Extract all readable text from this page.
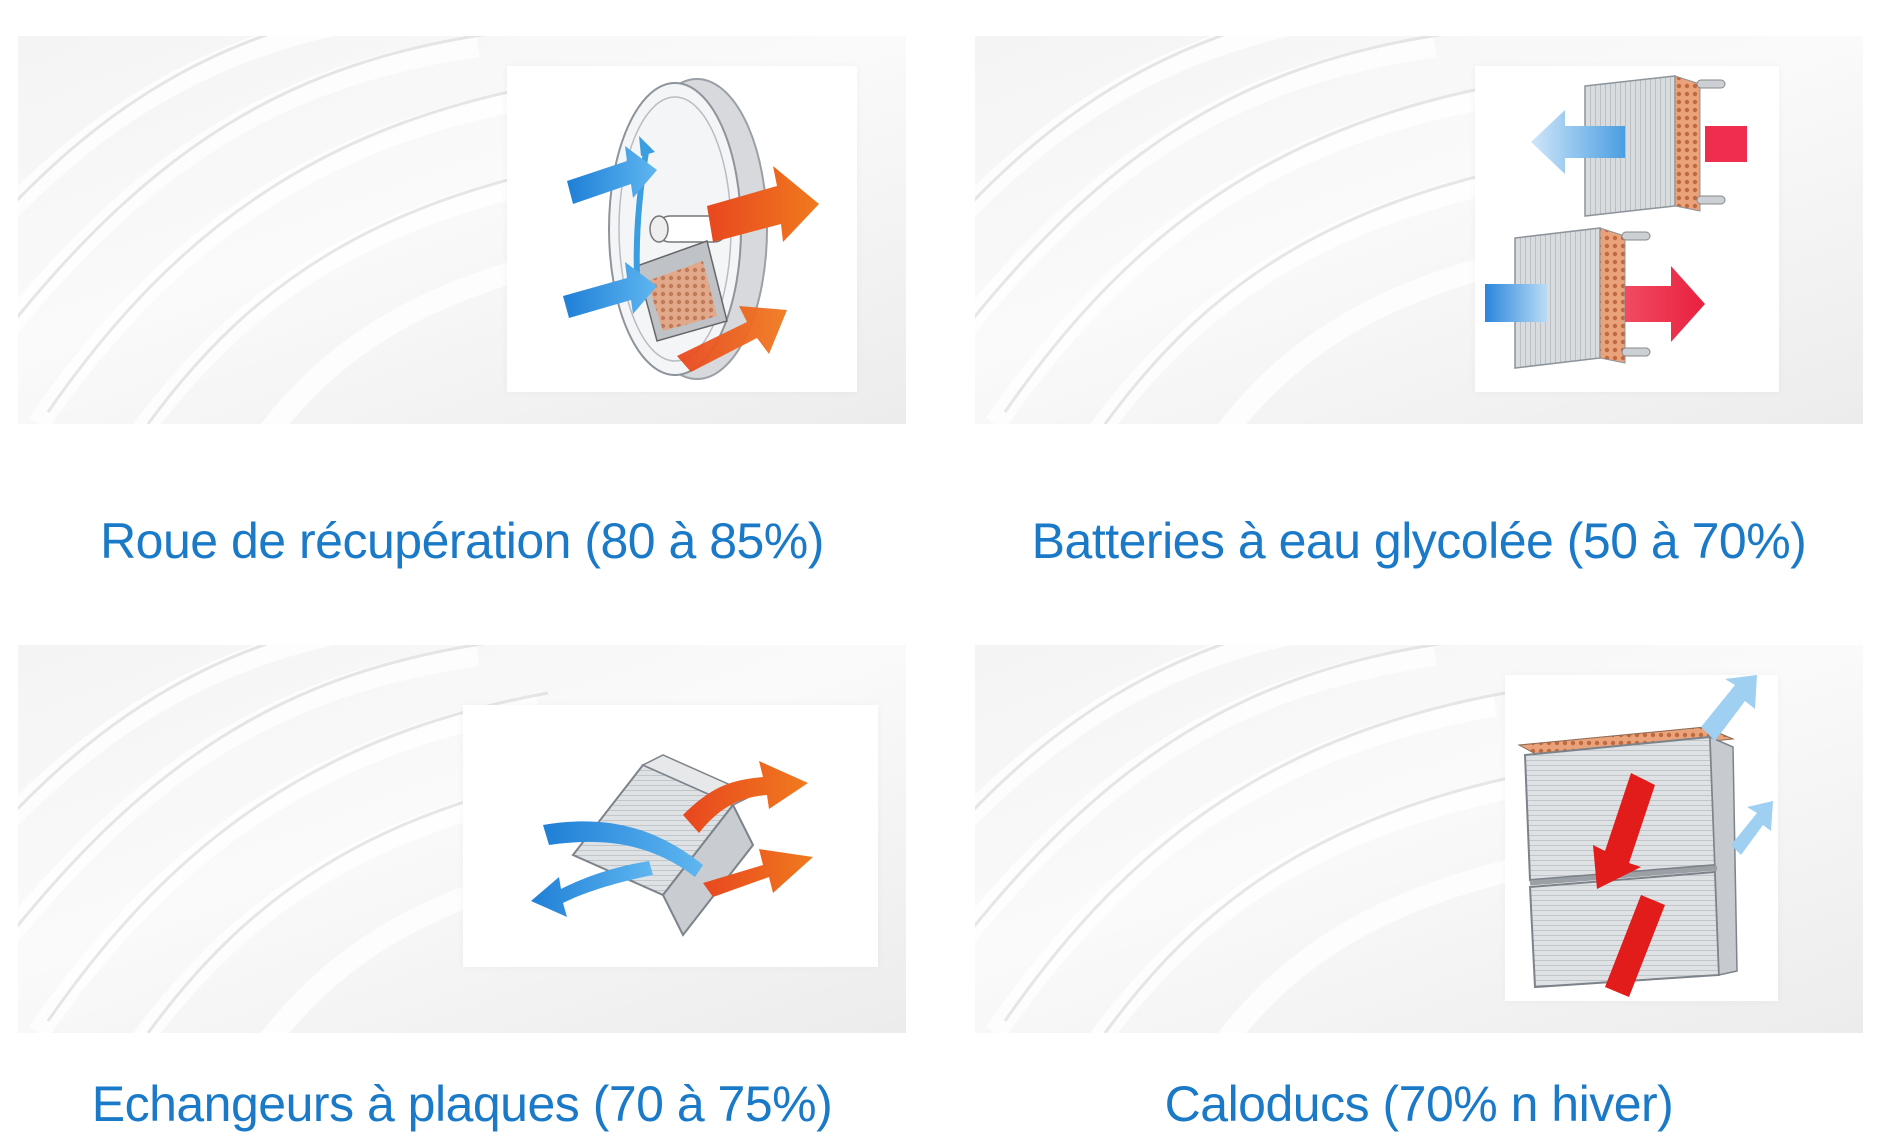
Roue de récupération (80 à 85%)	Batteries à eau glycolée (50 à 70%)
Echangeurs à plaques (70 à 75%)	Caloducs (70% n hiver)
